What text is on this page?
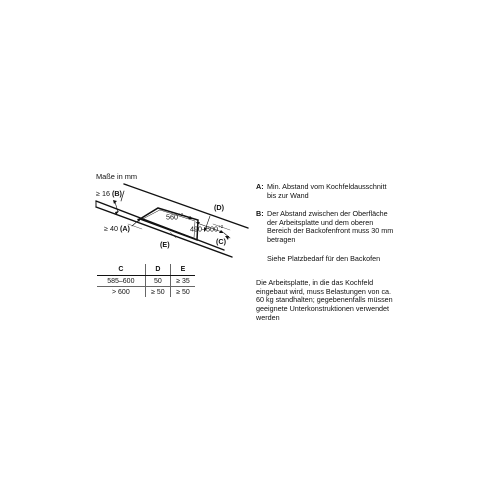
Maße in mm
≥ 16 (B)
≥ 40 (A)
$560^{+2}$
$490-500^{+2}$
(D)
(C)
(E)
C	D	E
585–600	50	≥ 35
> 600	≥ 50	≥ 50

A: Min. Abstand vom Kochfeldausschnitt
bis zur Wand

B: Der Abstand zwischen der Oberfläche
der Arbeitsplatte und dem oberen
Bereich der Backofenfront muss 30 mm
betragen

Siehe Platzbedarf für den Backofen

Die Arbeitsplatte, in die das Kochfeld
eingebaut wird, muss Belastungen von ca.
60 kg standhalten; gegebenenfalls müssen
geeignete Unterkonstruktionen verwendet
werden
